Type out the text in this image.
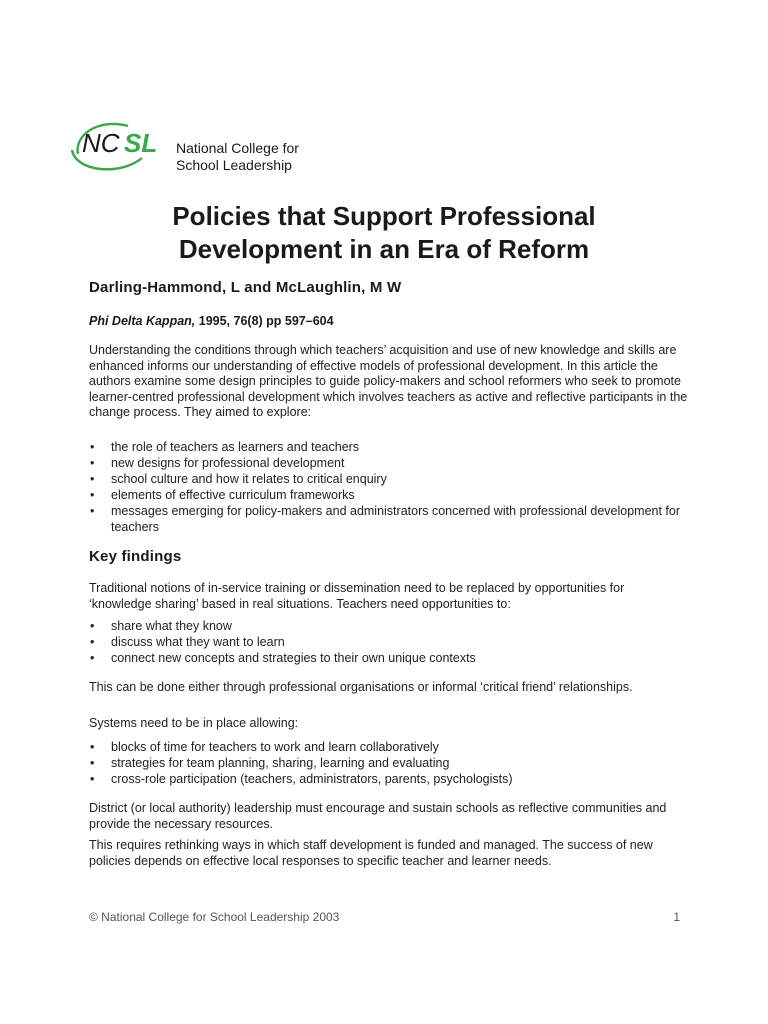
NC SL National College for
School Leadership
Policies that Support Professional
Development in an Era of Reform
Darling-Hammond, L and McLaughlin, M W

Phi Delta Kappan, 1995, 76(8) pp 597–604

Understanding the conditions through which teachers’ acquisition and use of new knowledge and skills are enhanced informs our understanding of effective models of professional development. In this article the authors examine some design principles to guide policy-makers and school reformers who seek to promote learner-centred professional development which involves teachers as active and reflective participants in the change process. They aimed to explore:

• the role of teachers as learners and teachers
• new designs for professional development
• school culture and how it relates to critical enquiry
• elements of effective curriculum frameworks
• messages emerging for policy-makers and administrators concerned with professional development for teachers
Key findings

Traditional notions of in-service training or dissemination need to be replaced by opportunities for ‘knowledge sharing’ based in real situations. Teachers need opportunities to:

• share what they know
• discuss what they want to learn
• connect new concepts and strategies to their own unique contexts

This can be done either through professional organisations or informal ‘critical friend’ relationships.

Systems need to be in place allowing:

• blocks of time for teachers to work and learn collaboratively
• strategies for team planning, sharing, learning and evaluating
• cross-role participation (teachers, administrators, parents, psychologists)

District (or local authority) leadership must encourage and sustain schools as reflective communities and provide the necessary resources.

This requires rethinking ways in which staff development is funded and managed. The success of new policies depends on effective local responses to specific teacher and learner needs.

© National College for School Leadership 2003	1
